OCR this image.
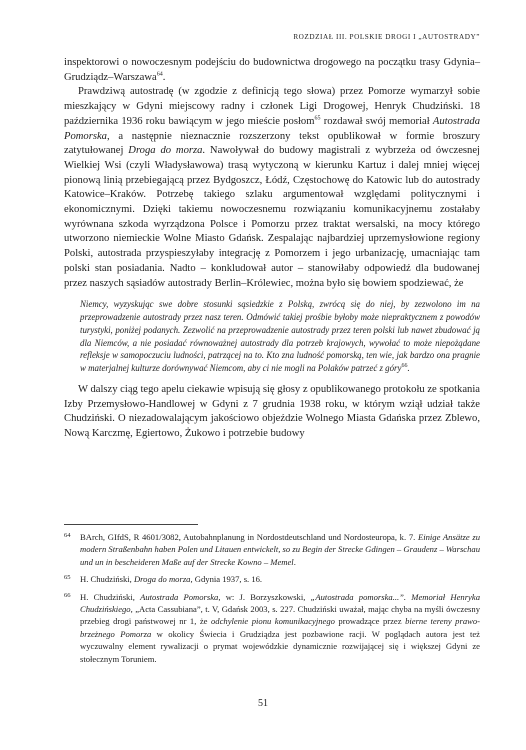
ROZDZIAŁ III. POLSKIE DROGI I „AUTOSTRADY”

inspektorowi o nowoczesnym podejściu do budownictwa drogowego na początku trasy Gdynia–Grudziądz–Warszawa$^{64}$.

Prawdziwą autostradę (w zgodzie z definicją tego słowa) przez Pomorze wymarzył sobie mieszkający w Gdyni miejscowy radny i członek Ligi Drogowej, Henryk Chudziński. 18 października 1936 roku bawiącym w jego mieście posłom$^{65}$ rozdawał swój memoriał Autostrada Pomorska, a następnie nieznacznie rozszerzony tekst opublikował w formie broszury zatytułowanej Droga do morza. Nawoływał do budowy magistrali z wybrzeża od ówczesnej Wielkiej Wsi (czyli Władysławowa) trasą wytyczoną w kierunku Kartuz i dalej mniej więcej pionową linią przebiegającą przez Bydgoszcz, Łódź, Częstochowę do Katowic lub do autostrady Katowice–Kraków. Potrzebę takiego szlaku argumentował względami politycznymi i ekonomicznymi. Dzięki takiemu nowoczesnemu rozwiązaniu komunikacyjnemu zostałaby wyrównana szkoda wyrządzona Polsce i Pomorzu przez traktat wersalski, na mocy którego utworzono niemieckie Wolne Miasto Gdańsk. Zespalając najbardziej uprzemysłowione regiony Polski, autostrada przyspieszyłaby integrację z Pomorzem i jego urbanizację, umacniając tam polski stan posiadania. Nadto – konkludował autor – stanowiłaby odpowiedź dla budowanej przez naszych sąsiadów autostrady Berlin–Królewiec, można było się bowiem spodziewać, że

Niemcy, wyzyskując swe dobre stosunki sąsiedzkie z Polską, zwrócą się do niej, by zezwolono im na przeprowadzenie autostrady przez nasz teren. Odmówić takiej prośbie byłoby może niepraktycznem z powodów turystyki, poniżej podanych. Zezwolić na przeprowadzenie autostrady przez teren polski lub nawet zbudować ją dla Niemców, a nie posiadać równoważnej autostrady dla potrzeb krajowych, wywołać to może niepożądane refleksje w samopoczuciu ludności, patrzącej na to. Kto zna ludność pomorską, ten wie, jak bardzo ona pragnie w materjalnej kulturze dorównywać Niemcom, aby ci nie mogli na Polaków patrzeć z góry$^{66}$.

W dalszy ciąg tego apelu ciekawie wpisują się głosy z opublikowanego protokołu ze spotkania Izby Przemysłowo-Handlowej w Gdyni z 7 grudnia 1938 roku, w którym wziął udział także Chudziński. O niezadowalającym jakościowo objeździe Wolnego Miasta Gdańska przez Zblewo, Nową Karczmę, Egiertowo, Żukowo i potrzebie budowy

64	BArch, GIfdS, R 4601/3082, Autobahnplanung in Nordostdeutschland und Nordosteuropa, k. 7. Einige Ansätze zu modern Straßenbahn haben Polen und Litauen entwickelt, so zu Begin der Strecke Gdingen – Graudenz – Warschau und un in bescheideren Maße auf der Strecke Kowno – Memel.
65	H. Chudziński, Droga do morza, Gdynia 1937, s. 16.
66	H. Chudziński, Autostrada Pomorska, w: J. Borzyszkowski, „Autostrada pomorska...”. Memoriał Henryka Chudzińskiego, „Acta Cassubiana”, t. V, Gdańsk 2003, s. 227. Chudziński uważał, mając chyba na myśli ówczesny przebieg drogi państwowej nr 1, że odchylenie pionu komunikacyjnego prowadzące przez bierne tereny prawo-brzeżnego Pomorza w okolicy Świecia i Grudziądza jest pozbawione racji. W poglądach autora jest też wyczuwalny element rywalizacji o prymat wojewódzkie dynamicznie rozwijającej się i większej Gdyni ze stołecznym Toruniem.
51
